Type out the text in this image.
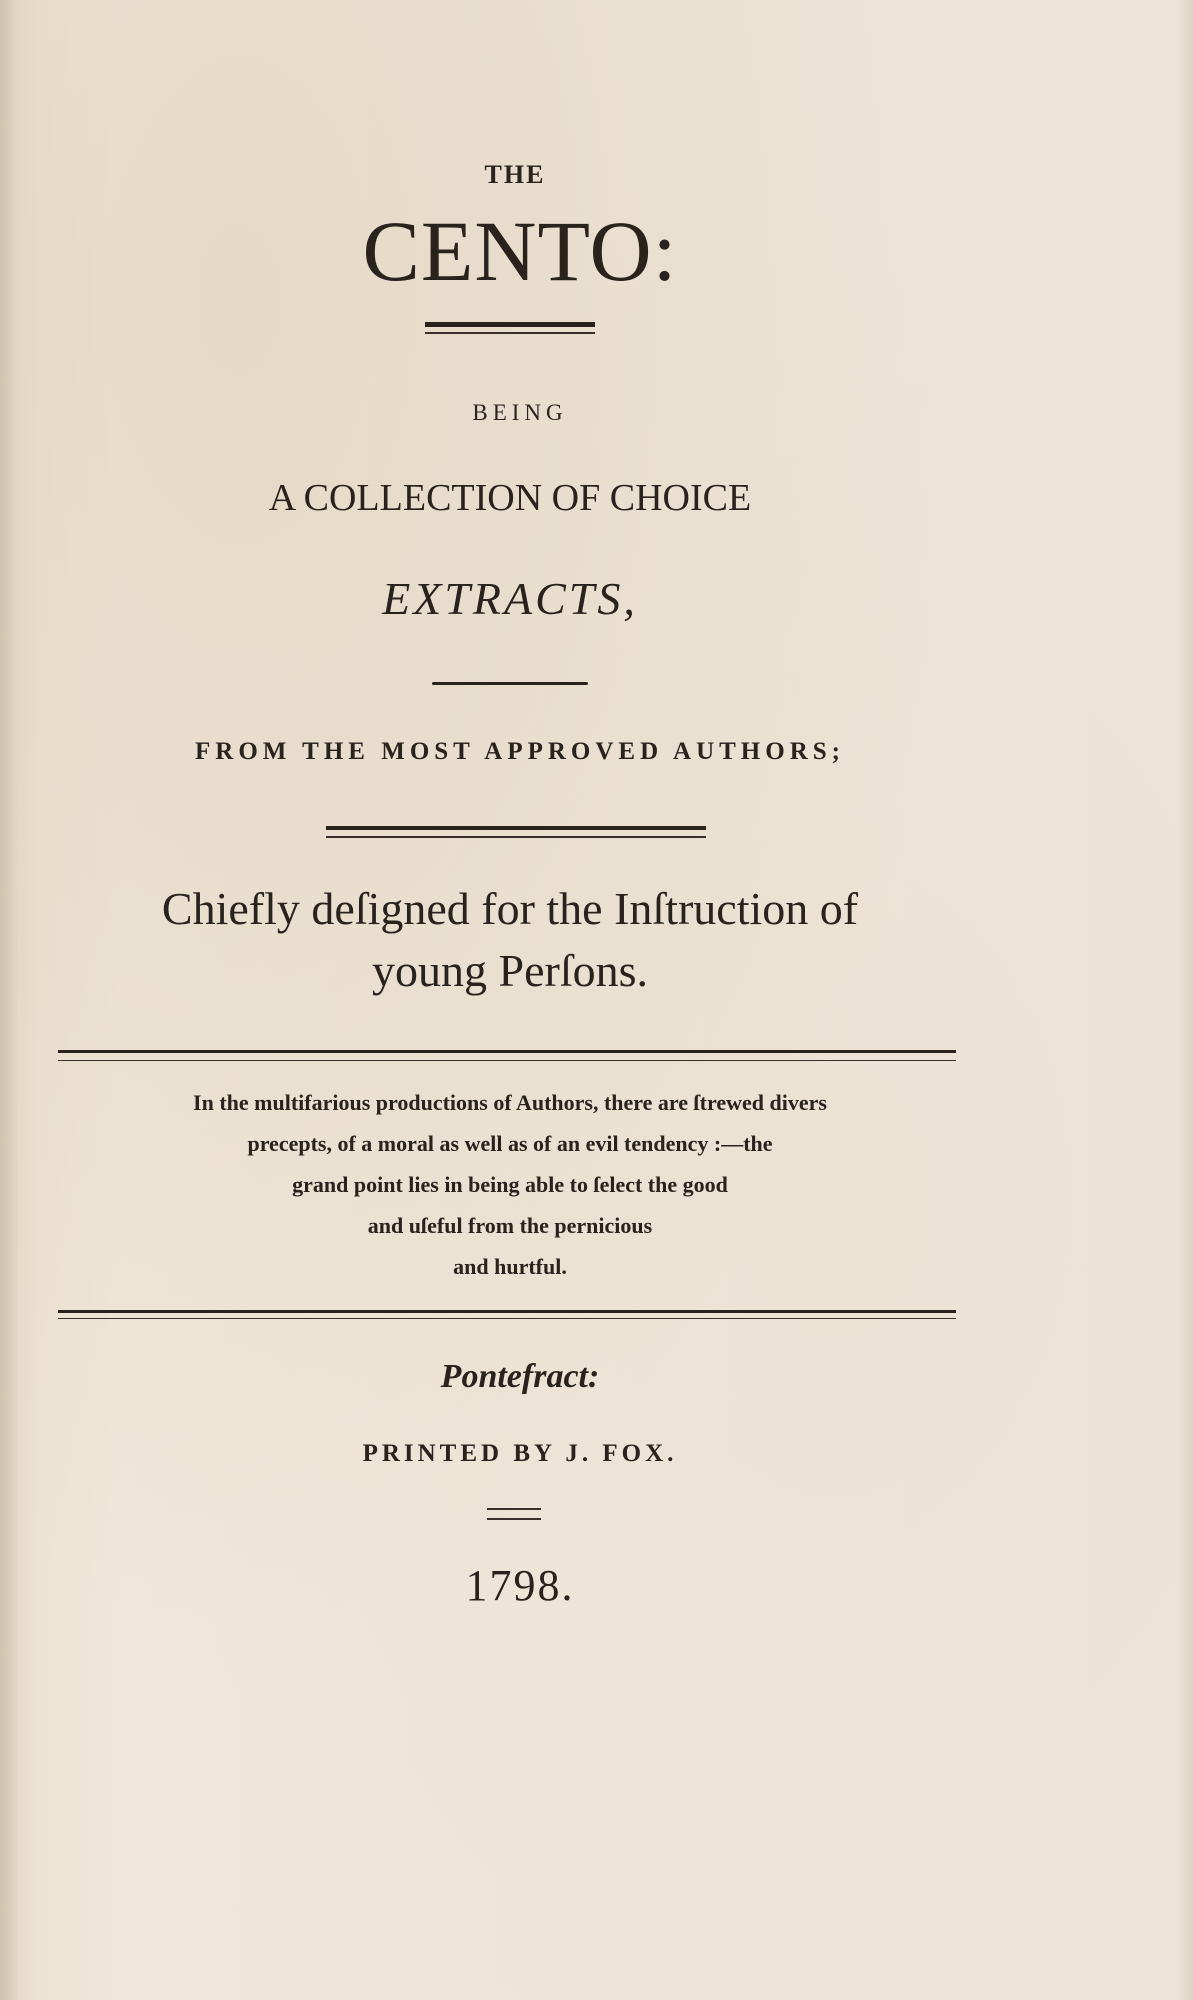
THE
CENTO:
BEING
A COLLECTION OF CHOICE
EXTRACTS,
FROM THE MOST APPROVED AUTHORS;
Chiefly deſigned for the Inſtruction of
young Perſons.
In the multifarious productions of Authors, there are ſtrewed divers
precepts, of a moral as well as of an evil tendency :—the
grand point lies in being able to ſelect the good
and uſeful from the pernicious
and hurtful.
Pontefract:
PRINTED BY J. FOX.
1798.
